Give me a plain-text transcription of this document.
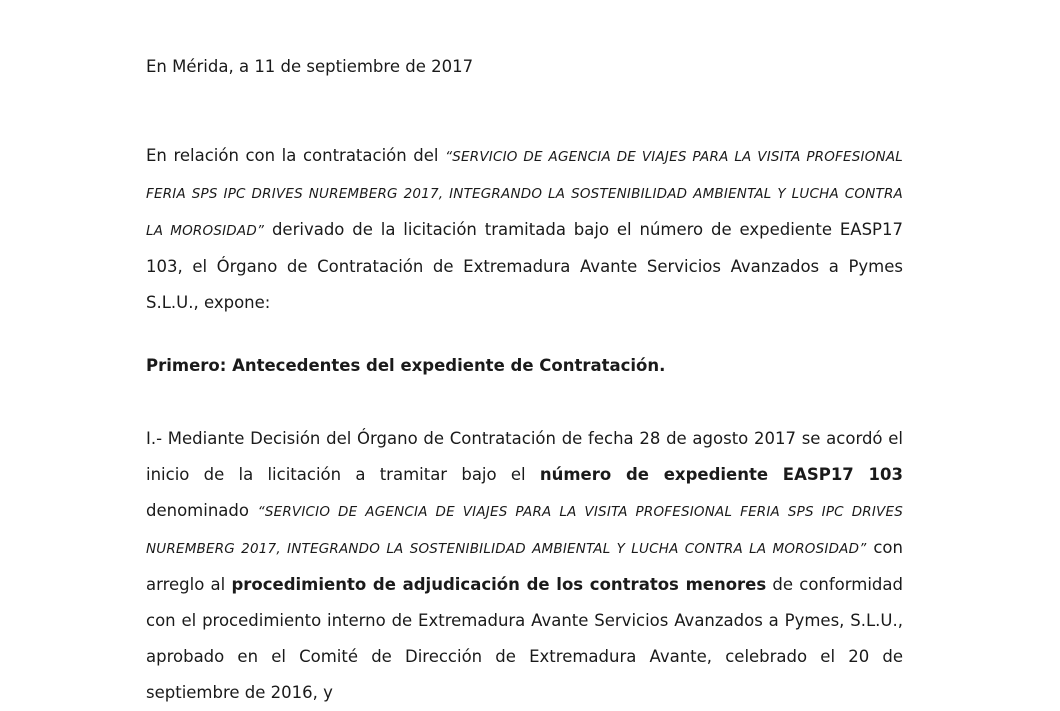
En Mérida, a 11 de septiembre de 2017

En relación con la contratación del “SERVICIO DE AGENCIA DE VIAJES PARA LA VISITA PROFESIONAL FERIA SPS IPC DRIVES NUREMBERG 2017, INTEGRANDO LA SOSTENIBILIDAD AMBIENTAL Y LUCHA CONTRA LA MOROSIDAD” derivado de la licitación tramitada bajo el número de expediente EASP17 103, el Órgano de Contratación de Extremadura Avante Servicios Avanzados a Pymes S.L.U., expone:

Primero: Antecedentes del expediente de Contratación.

I.- Mediante Decisión del Órgano de Contratación de fecha 28 de agosto 2017 se acordó el inicio de la licitación a tramitar bajo el número de expediente EASP17 103 denominado “SERVICIO DE AGENCIA DE VIAJES PARA LA VISITA PROFESIONAL FERIA SPS IPC DRIVES NUREMBERG 2017, INTEGRANDO LA SOSTENIBILIDAD AMBIENTAL Y LUCHA CONTRA LA MOROSIDAD” con arreglo al procedimiento de adjudicación de los contratos menores de conformidad con el procedimiento interno de Extremadura Avante Servicios Avanzados a Pymes, S.L.U., aprobado en el Comité de Dirección de Extremadura Avante, celebrado el 20 de septiembre de 2016, y
